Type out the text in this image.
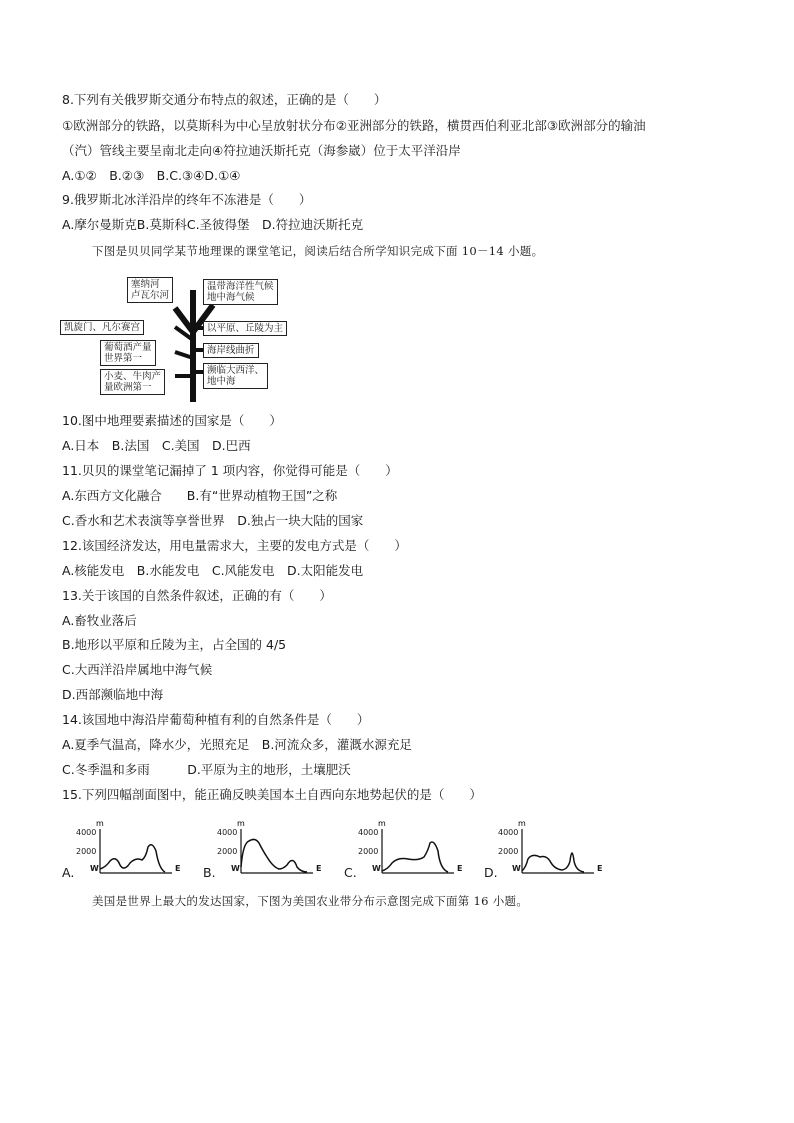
8.下列有关俄罗斯交通分布特点的叙述，正确的是（　　）
①欧洲部分的铁路，以莫斯科为中心呈放射状分布②亚洲部分的铁路，横贯西伯利亚北部③欧洲部分的输油
（汽）管线主要呈南北走向④符拉迪沃斯托克（海参崴）位于太平洋沿岸
A.①②　B.②③　B.C.③④D.①④
9.俄罗斯北冰洋沿岸的终年不冻港是（　　）
A.摩尔曼斯克B.莫斯科C.圣彼得堡　D.符拉迪沃斯托克
下图是贝贝同学某节地理课的课堂笔记，阅读后结合所学知识完成下面 10－14 小题。
塞纳河
卢瓦尔河
凯旋门、凡尔赛宫
葡萄酒产量
世界第一
小麦、牛肉产
量欧洲第一
温带海洋性气候
地中海气候
以平原、丘陵为主
海岸线曲折
濒临大西洋、
地中海
10.图中地理要素描述的国家是（　　）
A.日本　B.法国　C.美国　D.巴西
11.贝贝的课堂笔记漏掉了 1 项内容，你觉得可能是（　　）
A.东西方文化融合　　B.有“世界动植物王国”之称
C.香水和艺术表演等享誉世界　D.独占一块大陆的国家
12.该国经济发达，用电量需求大，主要的发电方式是（　　）
A.核能发电　B.水能发电　C.风能发电　D.太阳能发电
13.关于该国的自然条件叙述，正确的有（　　）
A.畜牧业落后
B.地形以平原和丘陵为主，占全国的 4/5
C.大西洋沿岸属地中海气候
D.西部濒临地中海
14.该国地中海沿岸葡萄种植有利的自然条件是（　　）
A.夏季气温高，降水少，光照充足　B.河流众多，灌溉水源充足
C.冬季温和多雨　　　D.平原为主的地形，土壤肥沃
15.下列四幅剖面图中，能正确反映美国本土自西向东地势起伏的是（　　）
m
A.
4000
2000
W	E
m
B.
4000
2000
W	E
m
C.
4000
2000
W	E
m
D.
4000
2000
W	E
美国是世界上最大的发达国家，下图为美国农业带分布示意图完成下面第 16 小题。
